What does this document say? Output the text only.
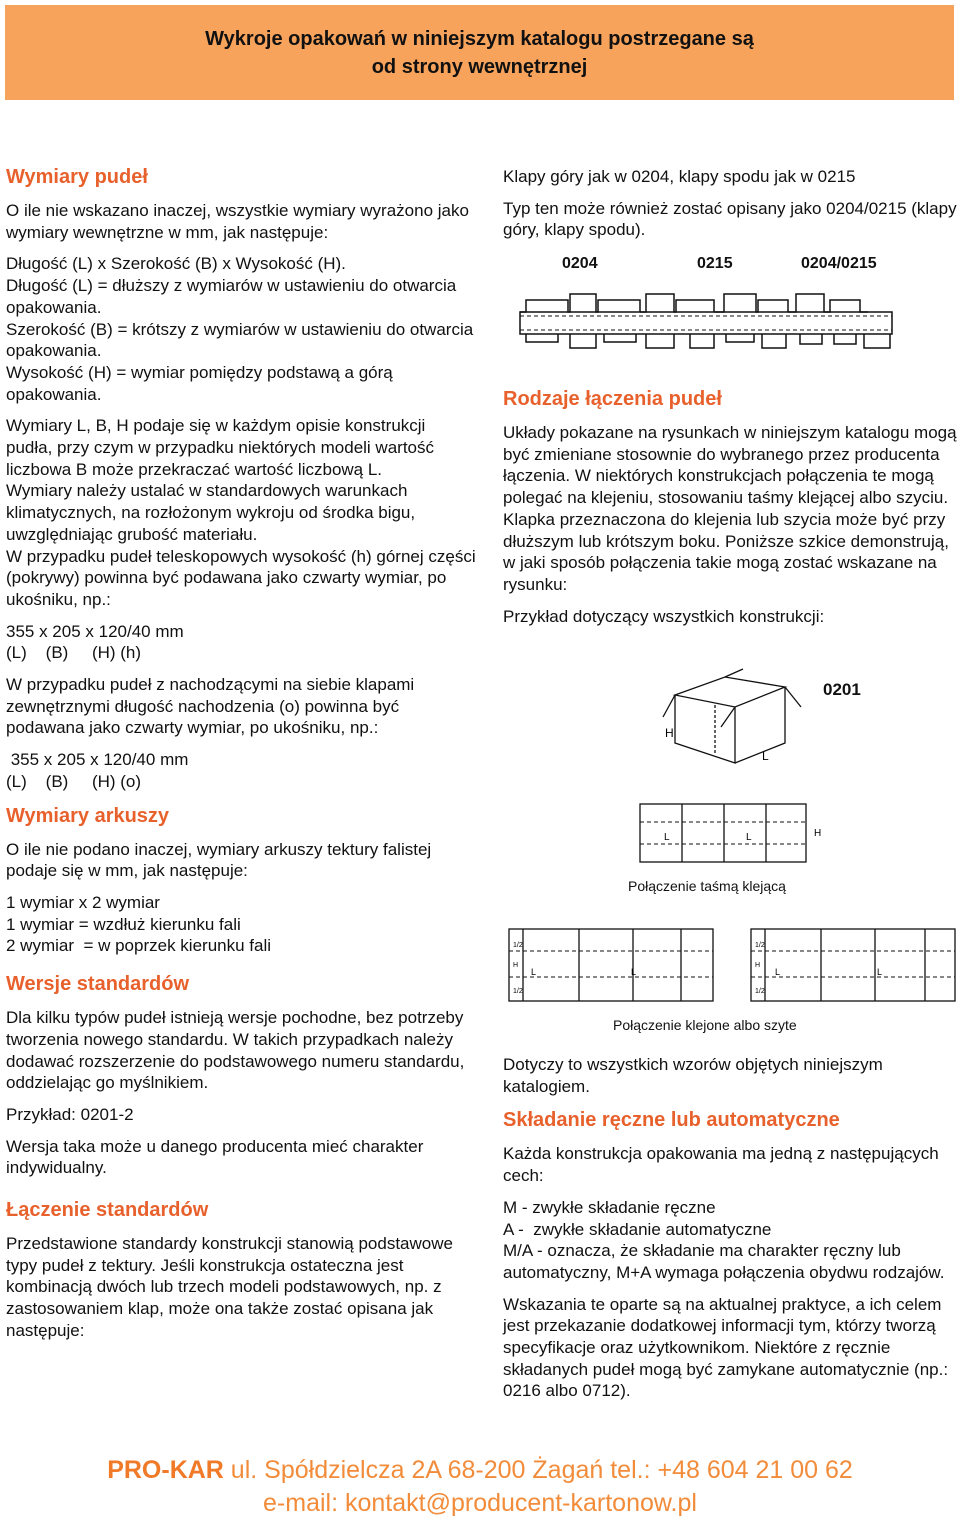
Wykroje opakowań w niniejszym katalogu postrzegane są
od strony wewnętrznej
Wymiary pudeł

O ile nie wskazano inaczej, wszystkie wymiary wyrażono jako wymiary wewnętrzne w mm, jak następuje:

Długość (L) x Szerokość (B) x Wysokość (H).

Długość (L) = dłuższy z wymiarów w ustawieniu do otwarcia opakowania.

Szerokość (B) = krótszy z wymiarów w ustawieniu do otwarcia opakowania.

Wysokość (H) = wymiar pomiędzy podstawą a górą opakowania.

Wymiary L, B, H podaje się w każdym opisie konstrukcji pudła, przy czym w przypadku niektórych modeli wartość liczbowa B może przekraczać wartość liczbową L.

Wymiary należy ustalać w standardowych warunkach klimatycznych, na rozłożonym wykroju od środka bigu, uwzględniając grubość materiału.

W przypadku pudeł teleskopowych wysokość (h) górnej części (pokrywy) powinna być podawana jako czwarty wymiar, po ukośniku, np.:

355 x 205 x 120/40 mm

(L)    (B)     (H) (h)

W przypadku pudeł z nachodzącymi na siebie klapami zewnętrznymi długość nachodzenia (o) powinna być podawana jako czwarty wymiar, po ukośniku, np.:

355 x 205 x 120/40 mm

(L)    (B)     (H) (o)

Wymiary arkuszy

O ile nie podano inaczej, wymiary arkuszy tektury falistej podaje się w mm, jak następuje:

1 wymiar x 2 wymiar

1 wymiar = wzdłuż kierunku fali

2 wymiar  = w poprzek kierunku fali

Wersje standardów

Dla kilku typów pudeł istnieją wersje pochodne, bez potrzeby tworzenia nowego standardu. W takich przypadkach należy dodawać rozszerzenie do podstawowego numeru standardu, oddzielając go myślnikiem.

Przykład: 0201-2

Wersja taka może u danego producenta mieć charakter indywidualny.

Łączenie standardów

Przedstawione standardy konstrukcji stanowią podstawowe typy pudeł z tektury. Jeśli konstrukcja ostateczna jest kombinacją dwóch lub trzech modeli podstawowych, np. z zastosowaniem klap, może ona także zostać opisana jak następuje:

Klapy góry jak w 0204, klapy spodu jak w 0215

Typ ten może również zostać opisany jako 0204/0215 (klapy góry, klapy spodu).

0204	0215	0204/0215
Rodzaje łączenia pudeł

Układy pokazane na rysunkach w niniejszym katalogu mogą być zmieniane stosownie do wybranego przez producenta łączenia. W niektórych konstrukcjach połączenia te mogą polegać na klejeniu, stosowaniu taśmy klejącej albo szyciu. Klapka przeznaczona do klejenia lub szycia może być przy dłuższym lub krótszym boku. Poniższe szkice demonstrują, w jaki sposób połączenia takie mogą zostać wskazane na rysunku:

Przykład dotyczący wszystkich konstrukcji:

0201
H
L
L	L	H
Połączenie taśmą klejącą
1/2
H
1/2
L	L
1/2
H
1/2
L	L
Połączenie klejone albo szyte

Dotyczy to wszystkich wzorów objętych niniejszym katalogiem.

Składanie ręczne lub automatyczne

Każda konstrukcja opakowania ma jedną z następujących cech:

M - zwykłe składanie ręczne

A -  zwykłe składanie automatyczne

M/A - oznacza, że składanie ma charakter ręczny lub automatyczny, M+A wymaga połączenia obydwu rodzajów.

Wskazania te oparte są na aktualnej praktyce, a ich celem jest przekazanie dodatkowej informacji tym, którzy tworzą specyfikacje oraz użytkownikom. Niektóre z ręcznie składanych pudeł mogą być zamykane automatycznie (np.: 0216 albo 0712).

PRO-KAR ul. Spółdzielcza 2A 68-200 Żagań tel.: +48 604 21 00 62
e-mail: kontakt@producent-kartonow.pl
